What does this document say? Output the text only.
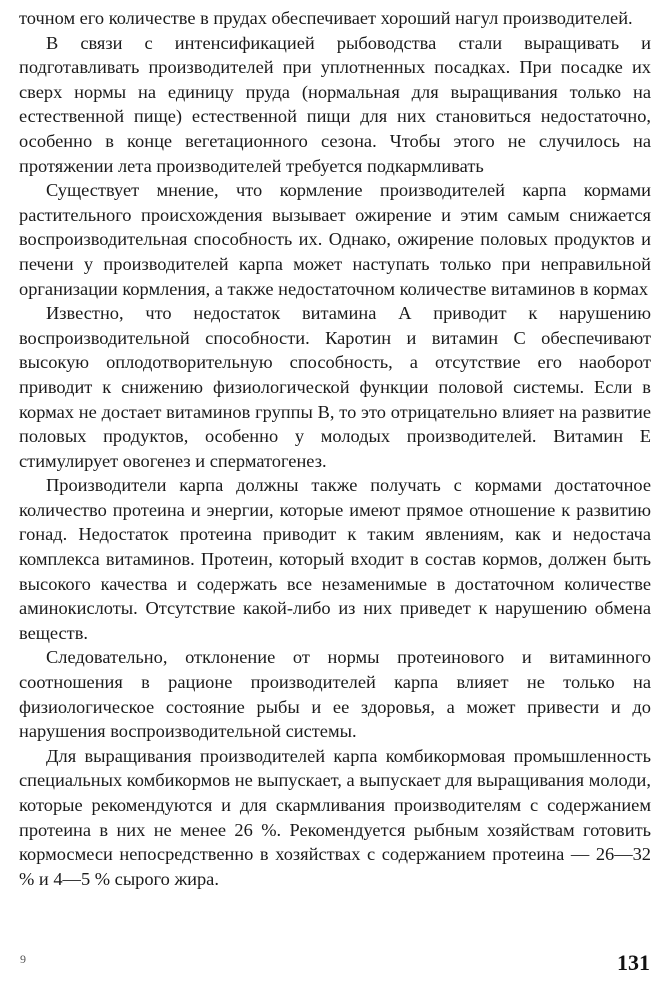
точном его количестве в прудах обеспечивает хороший нагул производителей.

В связи с интенсификацией рыбоводства стали выращивать и подготавливать производителей при уплотненных посадках. При посадке их сверх нормы на единицу пруда (нормальная для выращивания только на естественной пище) естественной пищи для них становиться недостаточно, особенно в конце вегетационного сезона. Чтобы этого не случилось на протяжении лета производителей требуется подкармливать

Существует мнение, что кормление производителей карпа кормами растительного происхождения вызывает ожирение и этим самым снижается воспроизводительная способность их. Однако, ожирение половых продуктов и печени у производителей карпа может наступать только при неправильной организации кормления, а также недостаточном количестве витаминов в кормах

Известно, что недостаток витамина А приводит к нарушению воспроизводительной способности. Каротин и витамин С обеспечивают высокую оплодотворительную способность, а отсутствие его наоборот приводит к снижению физиологической функции половой системы. Если в кормах не достает витаминов группы В, то это отрицательно влияет на развитие половых продуктов, особенно у молодых производителей. Витамин Е стимулирует овогенез и сперматогенез.

Производители карпа должны также получать с кормами достаточное количество протеина и энергии, которые имеют прямое отношение к развитию гонад. Недостаток протеина приводит к таким явлениям, как и недостача комплекса витаминов. Протеин, который входит в состав кормов, должен быть высокого качества и содержать все незаменимые в достаточном количестве аминокислоты. Отсутствие какой-либо из них приведет к нарушению обмена веществ.

Следовательно, отклонение от нормы протеинового и витаминного соотношения в рационе производителей карпа влияет не только на физиологическое состояние рыбы и ее здоровья, а может привести и до нарушения воспроизводительной системы.

Для выращивания производителей карпа комбикормовая промышленность специальных комбикормов не выпускает, а выпускает для выращивания молоди, которые рекомендуются и для скармливания производителям с содержанием протеина в них не менее 26 %. Рекомендуется рыбным хозяйствам готовить кормосмеси непосредственно в хозяйствах с содержанием протеина — 26—32 % и 4—5 % сырого жира.

9	131
